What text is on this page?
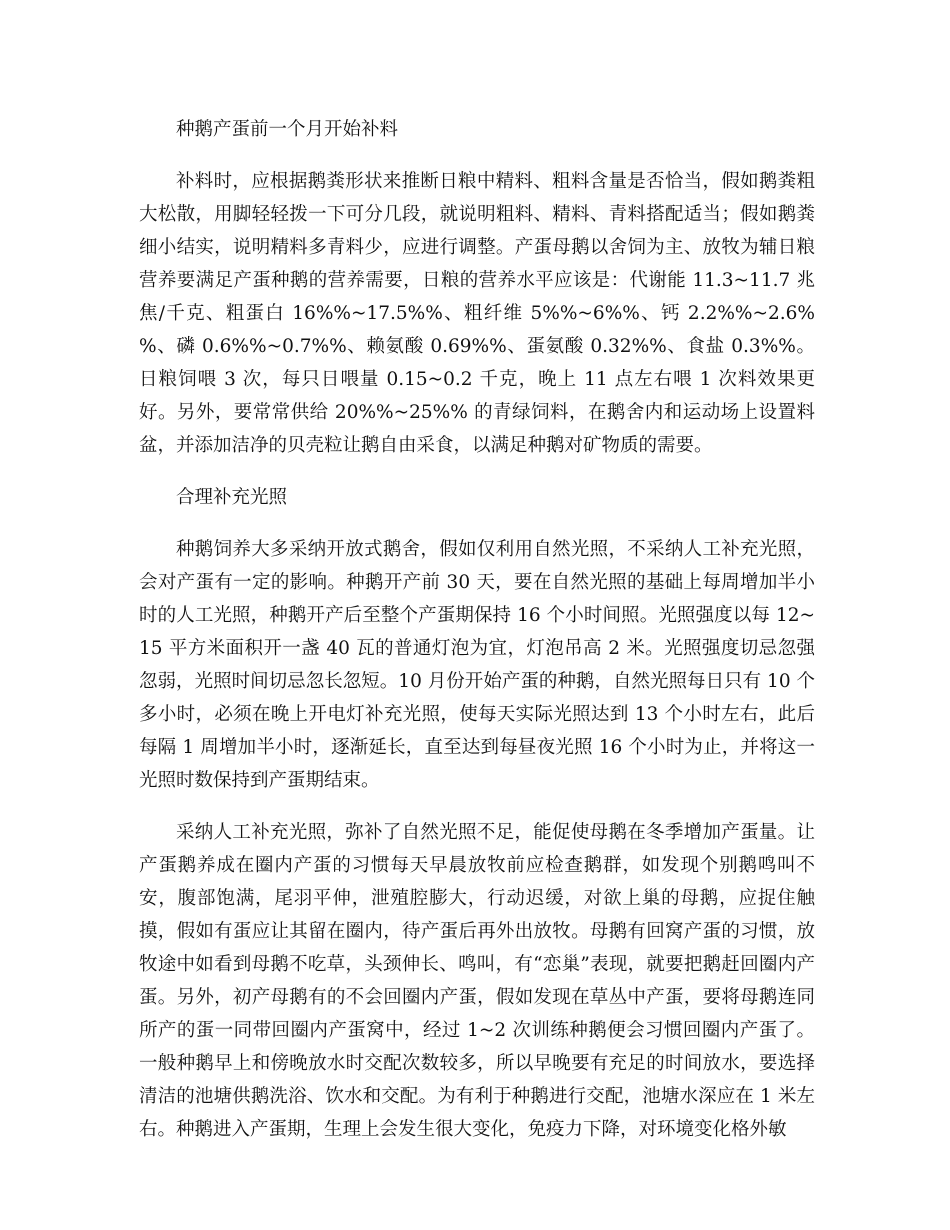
种鹅产蛋前一个月开始补料

补料时，应根据鹅粪形状来推断日粮中精料、粗料含量是否恰当，假如鹅粪粗大松散，用脚轻轻拨一下可分几段，就说明粗料、精料、青料搭配适当；假如鹅粪细小结实，说明精料多青料少，应进行调整。产蛋母鹅以舍饲为主、放牧为辅日粮营养要满足产蛋种鹅的营养需要，日粮的营养水平应该是：代谢能 11.3~11.7 兆焦/千克、粗蛋白 16%%~17.5%%、粗纤维 5%%~6%%、钙 2.2%%~2.6%%、磷 0.6%%~0.7%%、赖氨酸 0.69%%、蛋氨酸 0.32%%、食盐 0.3%%。日粮饲喂 3 次，每只日喂量 0.15~0.2 千克，晚上 11 点左右喂 1 次料效果更好。另外，要常常供给 20%%~25%% 的青绿饲料，在鹅舍内和运动场上设置料盆，并添加洁净的贝壳粒让鹅自由采食，以满足种鹅对矿物质的需要。

合理补充光照

种鹅饲养大多采纳开放式鹅舍，假如仅利用自然光照，不采纳人工补充光照，会对产蛋有一定的影响。种鹅开产前 30 天，要在自然光照的基础上每周增加半小时的人工光照，种鹅开产后至整个产蛋期保持 16 个小时间照。光照强度以每 12~15 平方米面积开一盏 40 瓦的普通灯泡为宜，灯泡吊高 2 米。光照强度切忌忽强忽弱，光照时间切忌忽长忽短。10 月份开始产蛋的种鹅，自然光照每日只有 10 个多小时，必须在晚上开电灯补充光照，使每天实际光照达到 13 个小时左右，此后每隔 1 周增加半小时，逐渐延长，直至达到每昼夜光照 16 个小时为止，并将这一光照时数保持到产蛋期结束。

采纳人工补充光照，弥补了自然光照不足，能促使母鹅在冬季增加产蛋量。让产蛋鹅养成在圈内产蛋的习惯每天早晨放牧前应检查鹅群，如发现个别鹅鸣叫不安，腹部饱满，尾羽平伸，泄殖腔膨大，行动迟缓，对欲上巢的母鹅，应捉住触摸，假如有蛋应让其留在圈内，待产蛋后再外出放牧。母鹅有回窝产蛋的习惯，放牧途中如看到母鹅不吃草，头颈伸长、鸣叫，有“恋巢”表现，就要把鹅赶回圈内产蛋。另外，初产母鹅有的不会回圈内产蛋，假如发现在草丛中产蛋，要将母鹅连同所产的蛋一同带回圈内产蛋窝中，经过 1~2 次训练种鹅便会习惯回圈内产蛋了。一般种鹅早上和傍晚放水时交配次数较多，所以早晚要有充足的时间放水，要选择清洁的池塘供鹅洗浴、饮水和交配。为有利于种鹅进行交配，池塘水深应在 1 米左右。种鹅进入产蛋期，生理上会发生很大变化，免疫力下降，对环境变化格外敏
